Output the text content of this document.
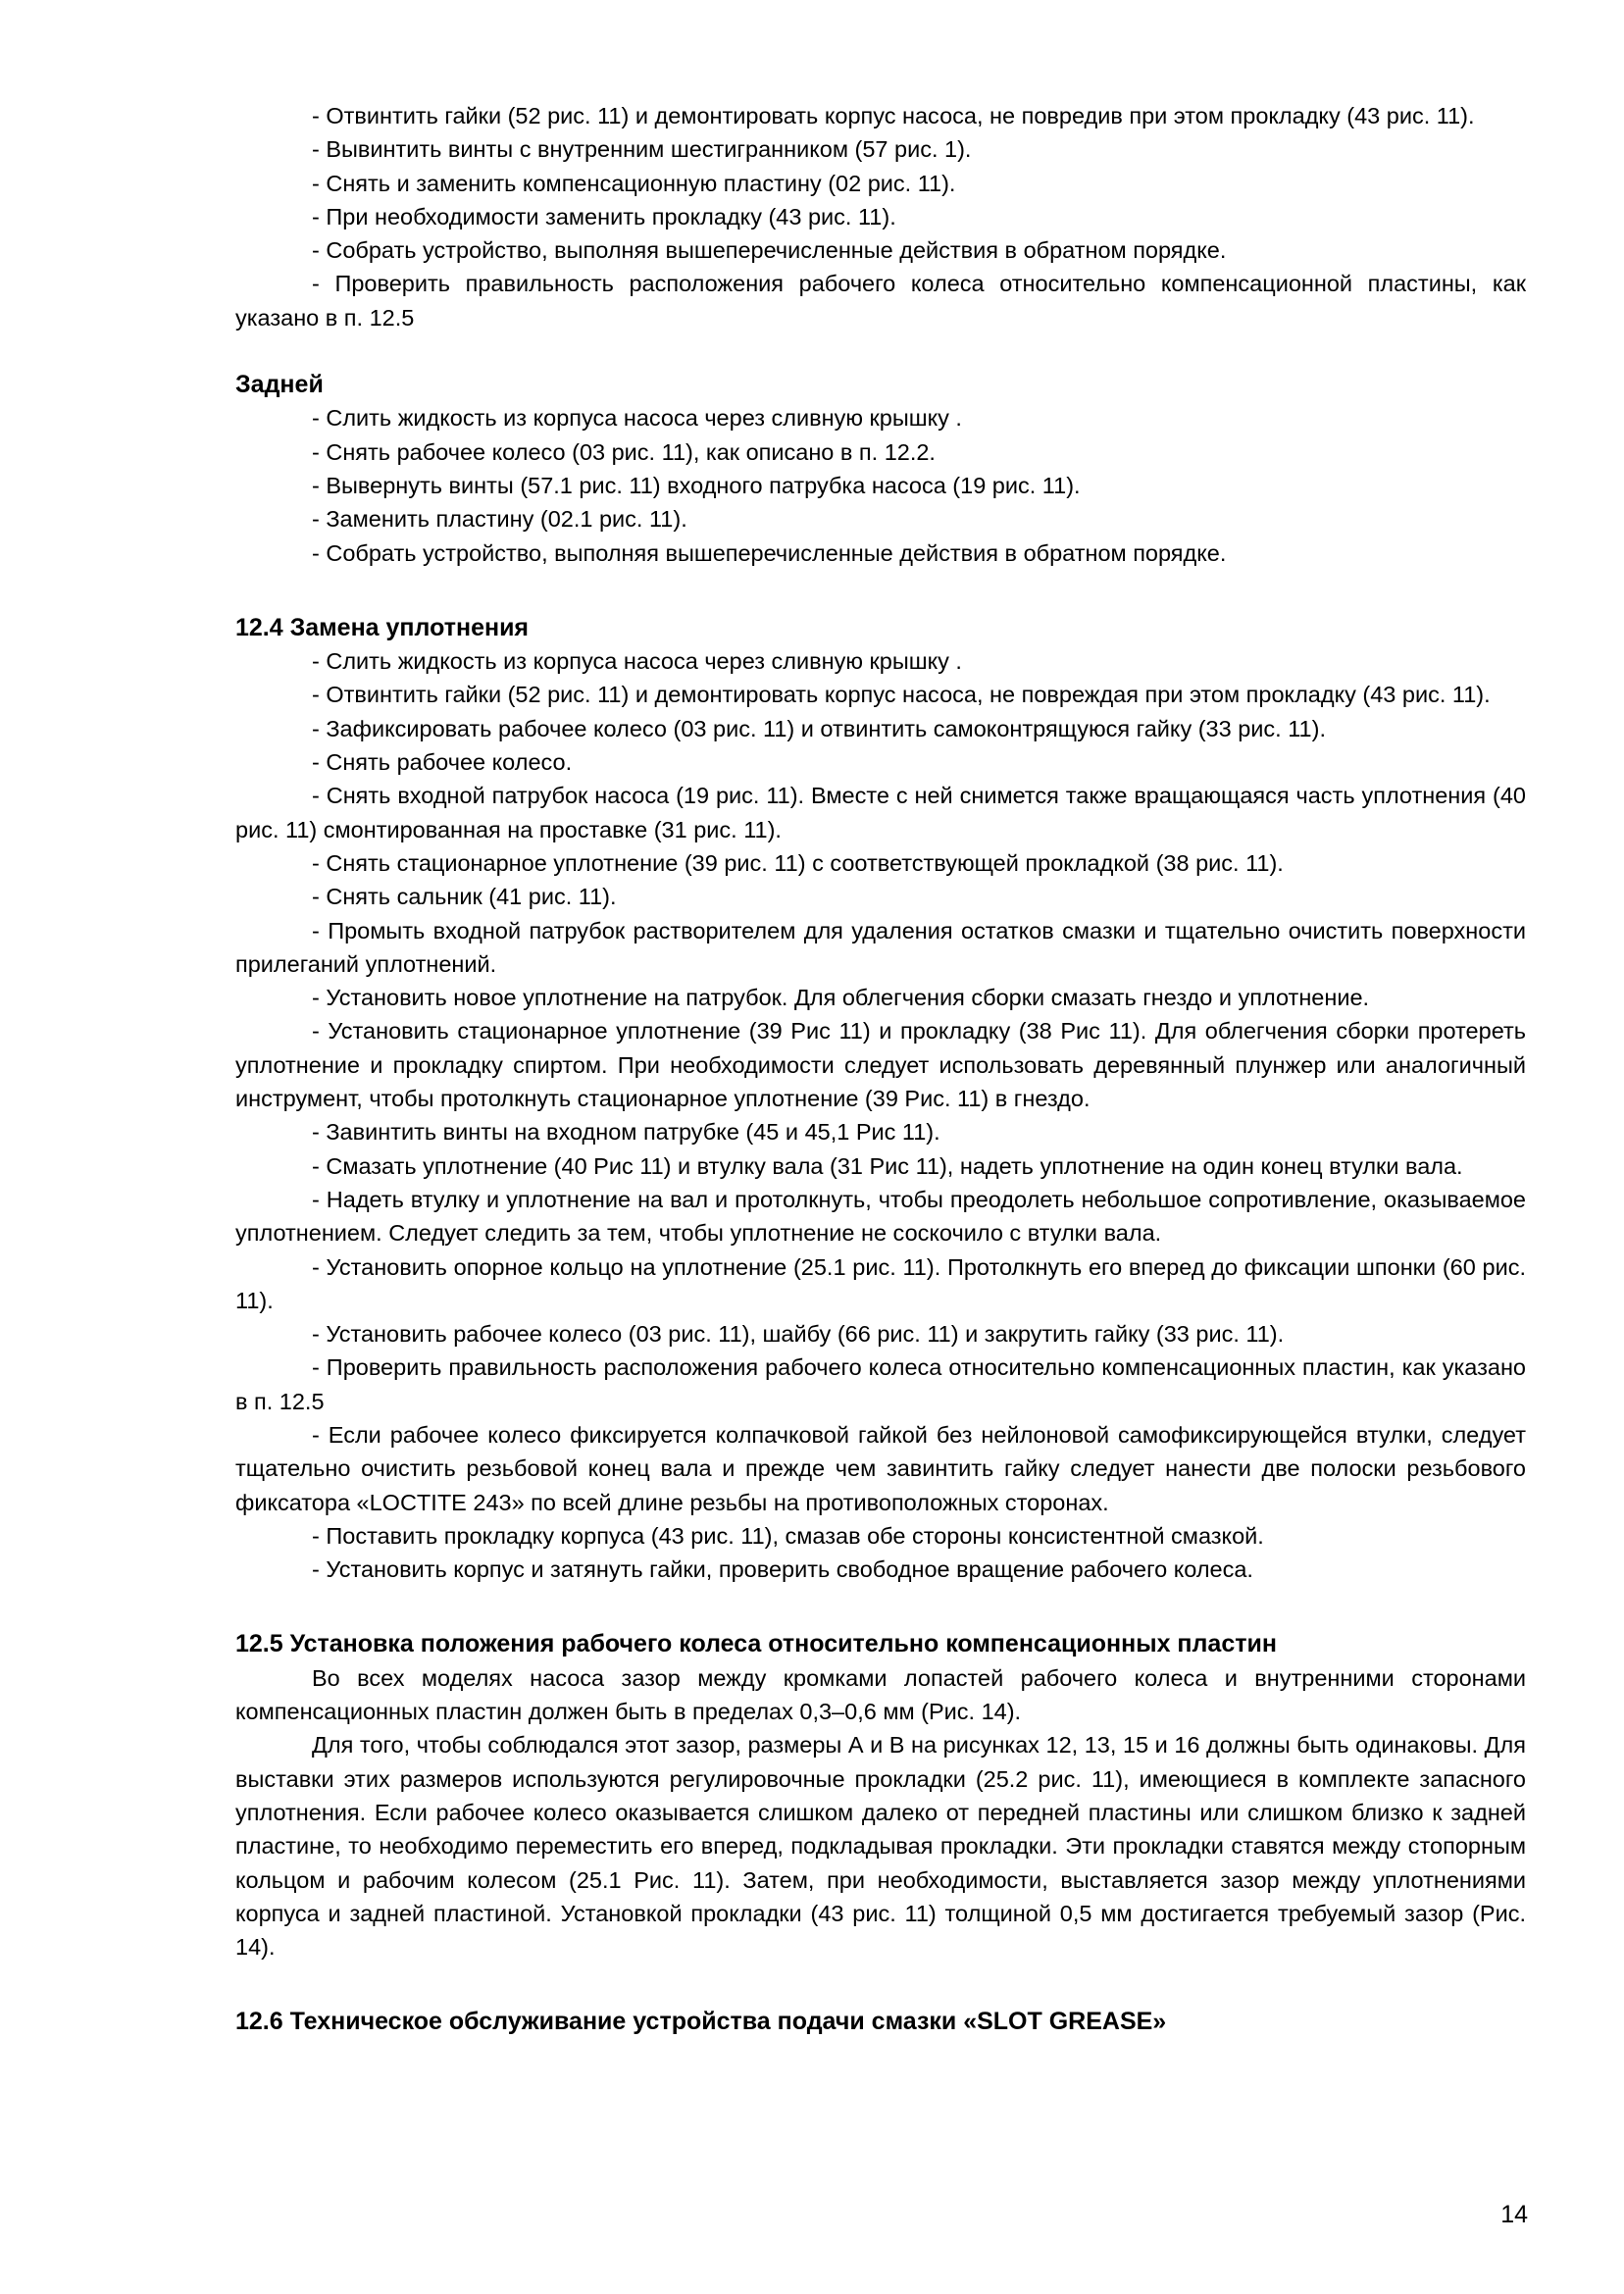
- Отвинтить гайки (52 рис. 11) и демонтировать корпус насоса, не повредив при этом прокладку (43 рис. 11).

- Вывинтить винты с внутренним шестигранником (57 рис. 1).

- Снять и заменить компенсационную пластину (02 рис. 11).

- При необходимости заменить прокладку (43 рис. 11).

- Собрать устройство, выполняя вышеперечисленные действия в обратном порядке.

- Проверить правильность расположения рабочего колеса относительно компенсационной пластины, как указано в п. 12.5

Задней

- Слить жидкость из корпуса насоса через сливную крышку .

- Снять рабочее колесо (03 рис. 11), как описано в п. 12.2.

- Вывернуть винты (57.1 рис. 11) входного патрубка насоса (19 рис. 11).

- Заменить пластину (02.1 рис. 11).

- Собрать устройство, выполняя вышеперечисленные действия в обратном порядке.

12.4 Замена уплотнения

- Слить жидкость из корпуса насоса через сливную крышку .

- Отвинтить гайки (52 рис. 11) и демонтировать корпус насоса, не повреждая при этом прокладку (43 рис. 11).

- Зафиксировать рабочее колесо (03 рис. 11) и отвинтить самоконтрящуюся гайку (33 рис. 11).

- Снять рабочее колесо.

- Снять входной патрубок насоса (19 рис. 11). Вместе с ней снимется также вращающаяся часть уплотнения (40 рис. 11) смонтированная на проставке (31 рис. 11).

- Снять стационарное уплотнение (39 рис. 11) с соответствующей прокладкой (38 рис. 11).

- Снять сальник (41 рис. 11).

- Промыть входной патрубок растворителем для удаления остатков смазки и тщательно очистить поверхности прилеганий уплотнений.

- Установить новое уплотнение на патрубок. Для облегчения сборки смазать гнездо и уплотнение.

- Установить стационарное уплотнение (39 Рис 11) и прокладку (38 Рис 11). Для облегчения сборки протереть уплотнение и прокладку спиртом. При необходимости следует использовать деревянный плунжер или аналогичный инструмент, чтобы протолкнуть стационарное уплотнение (39 Рис. 11) в гнездо.

- Завинтить винты на входном патрубке (45 и 45,1 Рис 11).

- Смазать уплотнение (40 Рис 11) и втулку вала (31 Рис 11), надеть уплотнение на один конец втулки вала.

- Надеть втулку и уплотнение на вал и протолкнуть, чтобы преодолеть небольшое сопротивление, оказываемое уплотнением. Следует следить за тем, чтобы уплотнение не соскочило с втулки вала.

- Установить опорное кольцо на уплотнение (25.1 рис. 11). Протолкнуть его вперед до фиксации шпонки (60 рис. 11).

- Установить рабочее колесо (03 рис. 11), шайбу (66 рис. 11) и закрутить гайку (33 рис. 11).

- Проверить правильность расположения рабочего колеса относительно компенсационных пластин, как указано в п. 12.5

- Если рабочее колесо фиксируется колпачковой гайкой без нейлоновой самофиксирующейся втулки, следует тщательно очистить резьбовой конец вала и прежде чем завинтить гайку следует нанести две полоски резьбового фиксатора «LOCTITE 243» по всей длине резьбы на противоположных сторонах.

- Поставить прокладку корпуса (43 рис. 11), смазав обе стороны консистентной смазкой.

- Установить корпус и затянуть гайки, проверить свободное вращение рабочего колеса.

12.5 Установка положения рабочего колеса относительно компенсационных пластин

Во всех моделях насоса зазор между кромками лопастей рабочего колеса и внутренними сторонами компенсационных пластин должен быть в пределах 0,3–0,6 мм (Рис. 14).

Для того, чтобы соблюдался этот зазор, размеры А и В на рисунках 12, 13, 15 и 16 должны быть одинаковы. Для выставки этих размеров используются регулировочные прокладки (25.2 рис. 11), имеющиеся в комплекте запасного уплотнения. Если рабочее колесо оказывается слишком далеко от передней пластины или слишком близко к задней пластине, то необходимо переместить его вперед, подкладывая прокладки. Эти прокладки ставятся между стопорным кольцом и рабочим колесом (25.1 Рис. 11). Затем, при необходимости, выставляется зазор между уплотнениями корпуса и задней пластиной. Установкой прокладки (43 рис. 11) толщиной 0,5 мм достигается требуемый зазор (Рис. 14).

12.6 Техническое обслуживание устройства подачи смазки «SLOT GREASE»

14
